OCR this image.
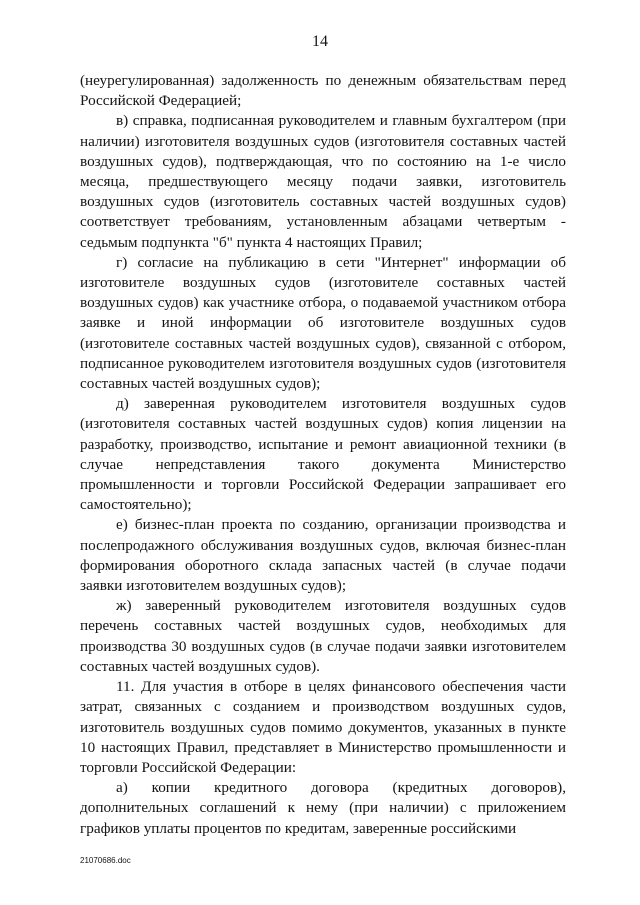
14

(неурегулированная) задолженность по денежным обязательствам перед Российской Федерацией;

в) справка, подписанная руководителем и главным бухгалтером (при наличии) изготовителя воздушных судов (изготовителя составных частей воздушных судов), подтверждающая, что по состоянию на 1-е число месяца, предшествующего месяцу подачи заявки, изготовитель воздушных судов (изготовитель составных частей воздушных судов) соответствует требованиям, установленным абзацами четвертым - седьмым подпункта "б" пункта 4 настоящих Правил;

г) согласие на публикацию в сети "Интернет" информации об изготовителе воздушных судов (изготовителе составных частей воздушных судов) как участнике отбора, о подаваемой участником отбора заявке и иной информации об изготовителе воздушных судов (изготовителе составных частей воздушных судов), связанной с отбором, подписанное руководителем изготовителя воздушных судов (изготовителя составных частей воздушных судов);

д) заверенная руководителем изготовителя воздушных судов (изготовителя составных частей воздушных судов) копия лицензии на разработку, производство, испытание и ремонт авиационной техники (в случае непредставления такого документа Министерство промышленности и торговли Российской Федерации запрашивает его самостоятельно);

е) бизнес-план проекта по созданию, организации производства и послепродажного обслуживания воздушных судов, включая бизнес-план формирования оборотного склада запасных частей (в случае подачи заявки изготовителем воздушных судов);

ж) заверенный руководителем изготовителя воздушных судов перечень составных частей воздушных судов, необходимых для производства 30 воздушных судов (в случае подачи заявки изготовителем составных частей воздушных судов).

11. Для участия в отборе в целях финансового обеспечения части затрат, связанных с созданием и производством воздушных судов, изготовитель воздушных судов помимо документов, указанных в пункте 10 настоящих Правил, представляет в Министерство промышленности и торговли Российской Федерации:

а) копии кредитного договора (кредитных договоров), дополнительных соглашений к нему (при наличии) с приложением графиков уплаты процентов по кредитам, заверенные российскими

21070686.doc
